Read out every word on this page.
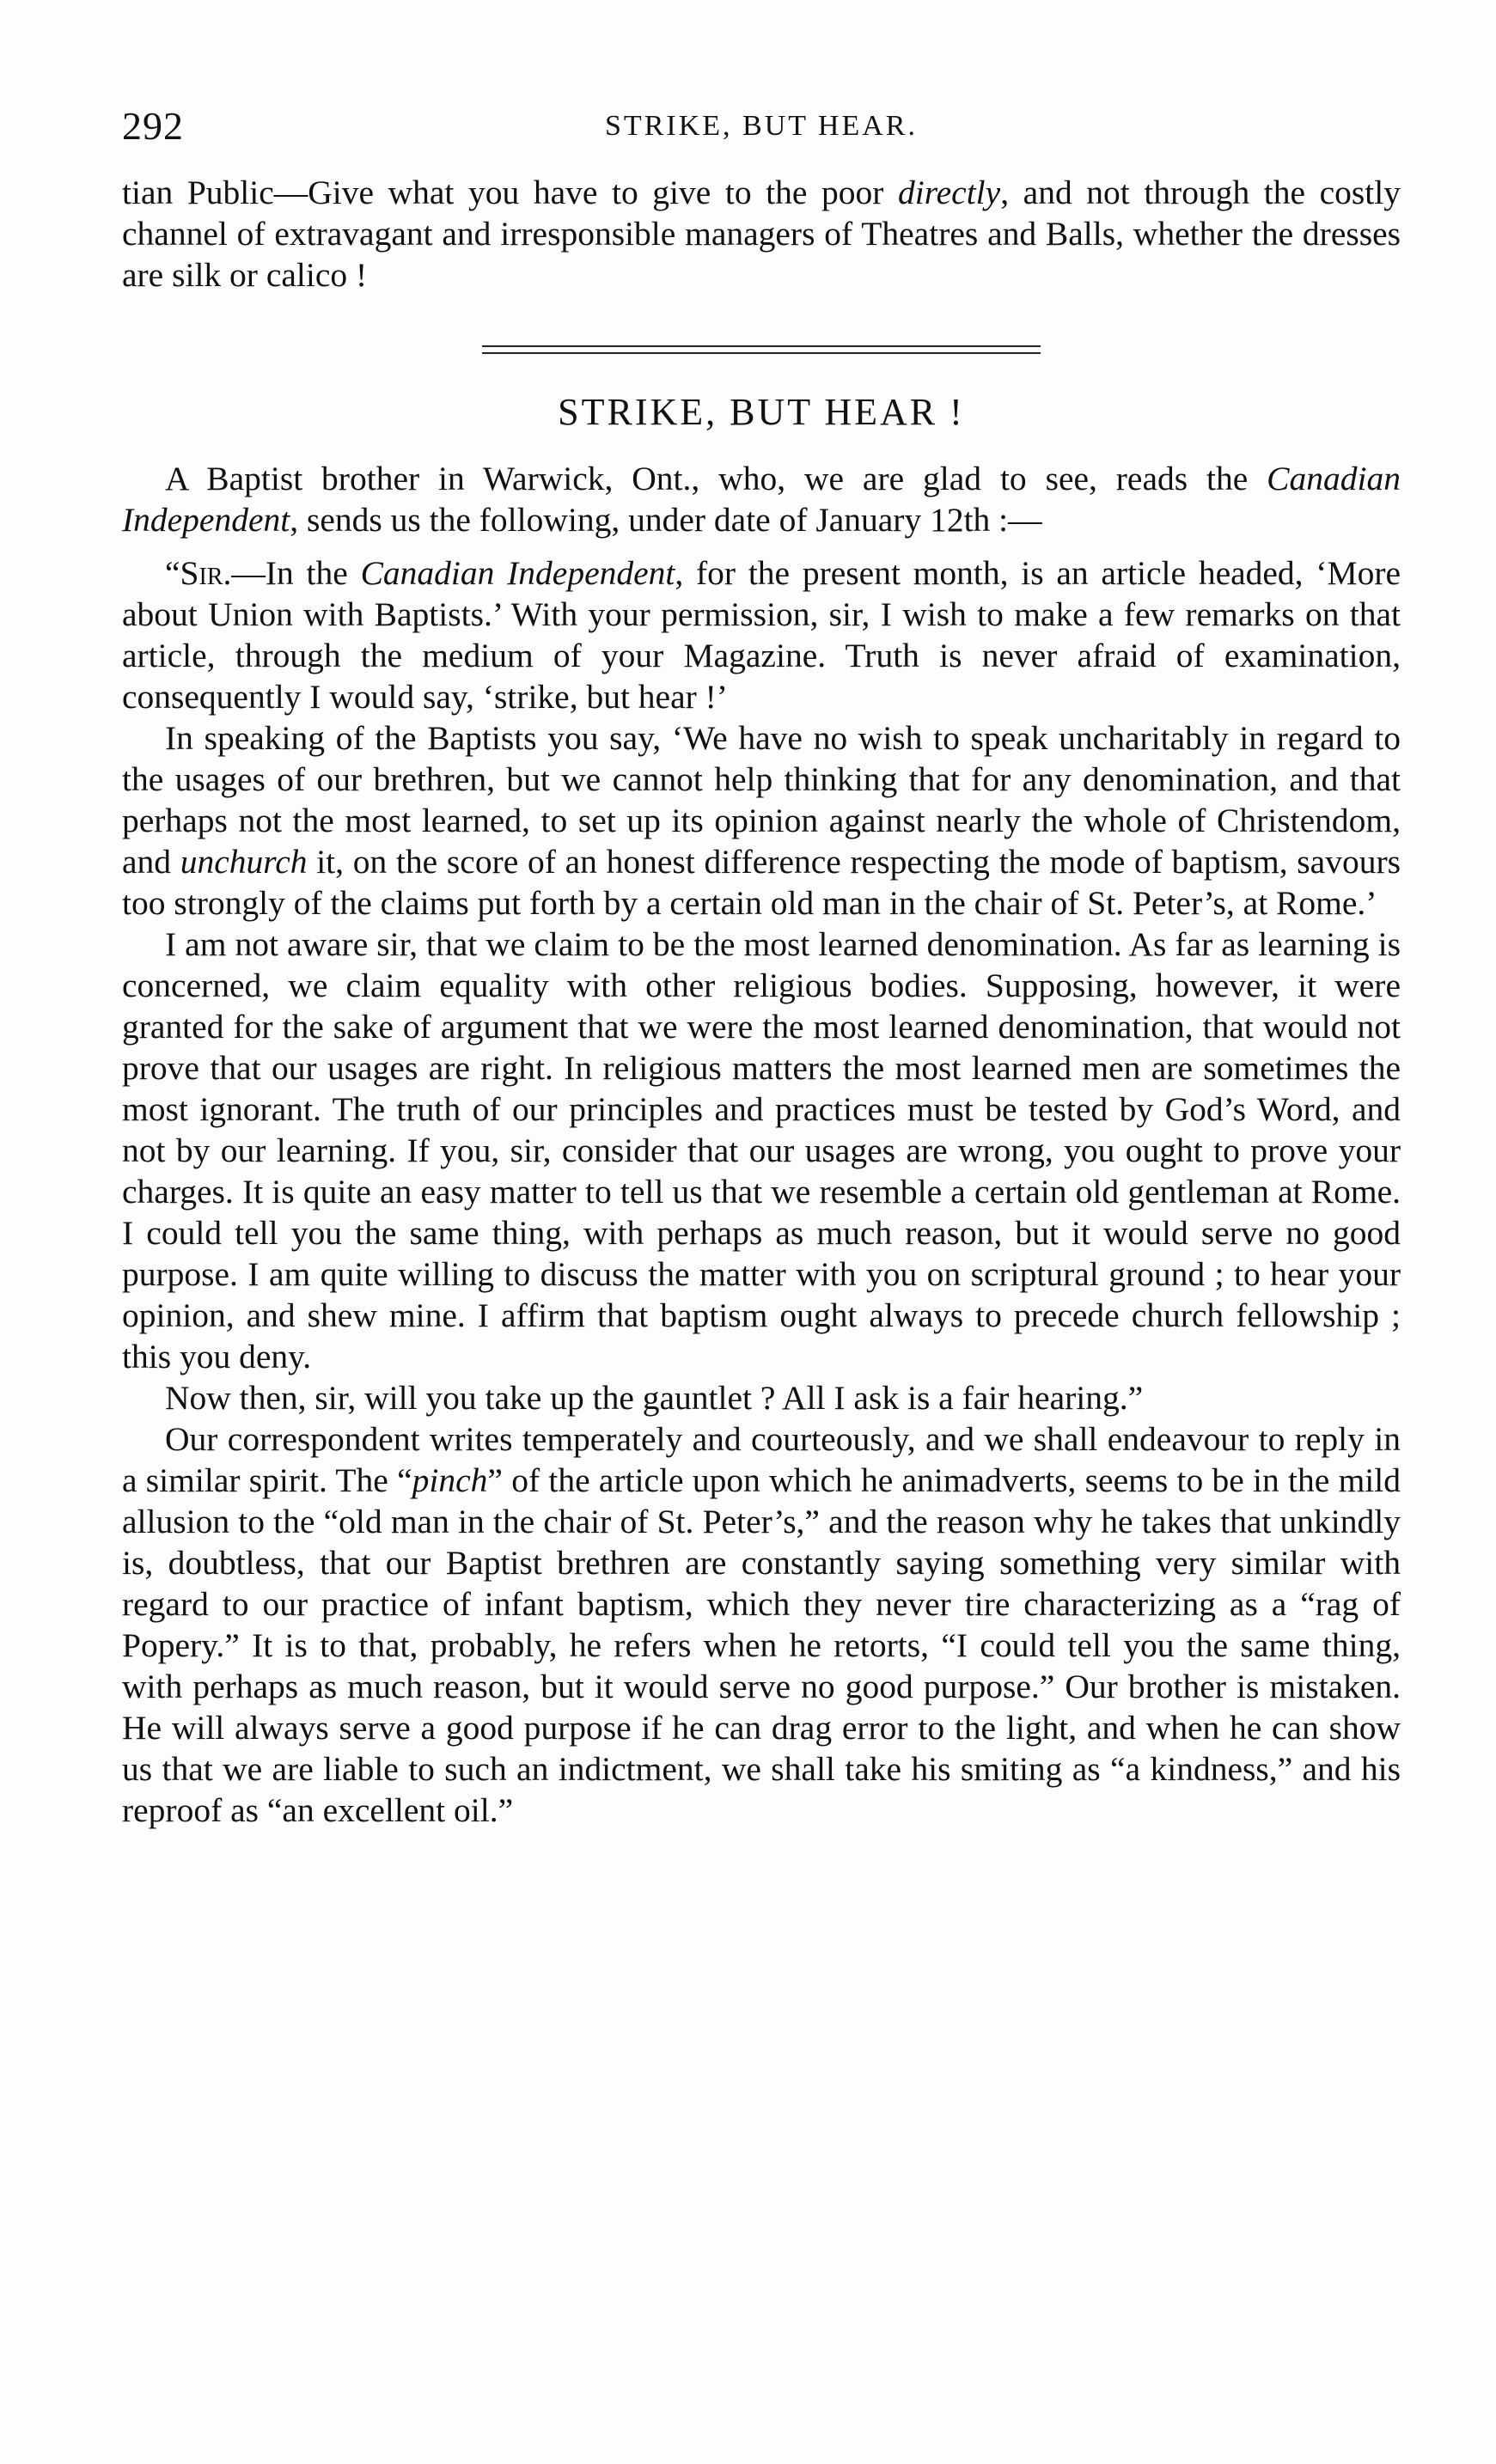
292	STRIKE, BUT HEAR.

tian Public—Give what you have to give to the poor directly, and not through the costly channel of extravagant and irresponsible managers of Theatres and Balls, whether the dresses are silk or calico !

STRIKE, BUT HEAR !

A Baptist brother in Warwick, Ont., who, we are glad to see, reads the Canadian Independent, sends us the following, under date of January 12th :—

“Sir.—In the Canadian Independent, for the present month, is an article headed, ‘More about Union with Baptists.’ With your permission, sir, I wish to make a few remarks on that article, through the medium of your Magazine. Truth is never afraid of examination, consequently I would say, ‘strike, but hear !’

In speaking of the Baptists you say, ‘We have no wish to speak uncharitably in regard to the usages of our brethren, but we cannot help thinking that for any denomination, and that perhaps not the most learned, to set up its opinion against nearly the whole of Christendom, and unchurch it, on the score of an honest difference respecting the mode of baptism, savours too strongly of the claims put forth by a certain old man in the chair of St. Peter’s, at Rome.’

I am not aware sir, that we claim to be the most learned denomination. As far as learning is concerned, we claim equality with other religious bodies. Supposing, however, it were granted for the sake of argument that we were the most learned denomination, that would not prove that our usages are right. In religious matters the most learned men are sometimes the most ignorant. The truth of our principles and practices must be tested by God’s Word, and not by our learning. If you, sir, consider that our usages are wrong, you ought to prove your charges. It is quite an easy matter to tell us that we resemble a certain old gentleman at Rome. I could tell you the same thing, with perhaps as much reason, but it would serve no good purpose. I am quite willing to discuss the matter with you on scriptural ground ; to hear your opinion, and shew mine. I affirm that baptism ought always to precede church fellowship ; this you deny.

Now then, sir, will you take up the gauntlet ? All I ask is a fair hearing.”

Our correspondent writes temperately and courteously, and we shall endeavour to reply in a similar spirit. The “pinch” of the article upon which he animadverts, seems to be in the mild allusion to the “old man in the chair of St. Peter’s,” and the reason why he takes that unkindly is, doubtless, that our Baptist brethren are constantly saying something very similar with regard to our practice of infant baptism, which they never tire characterizing as a “rag of Popery.” It is to that, probably, he refers when he retorts, “I could tell you the same thing, with perhaps as much reason, but it would serve no good purpose.” Our brother is mistaken. He will always serve a good purpose if he can drag error to the light, and when he can show us that we are liable to such an indictment, we shall take his smiting as “a kindness,” and his reproof as “an excellent oil.”
